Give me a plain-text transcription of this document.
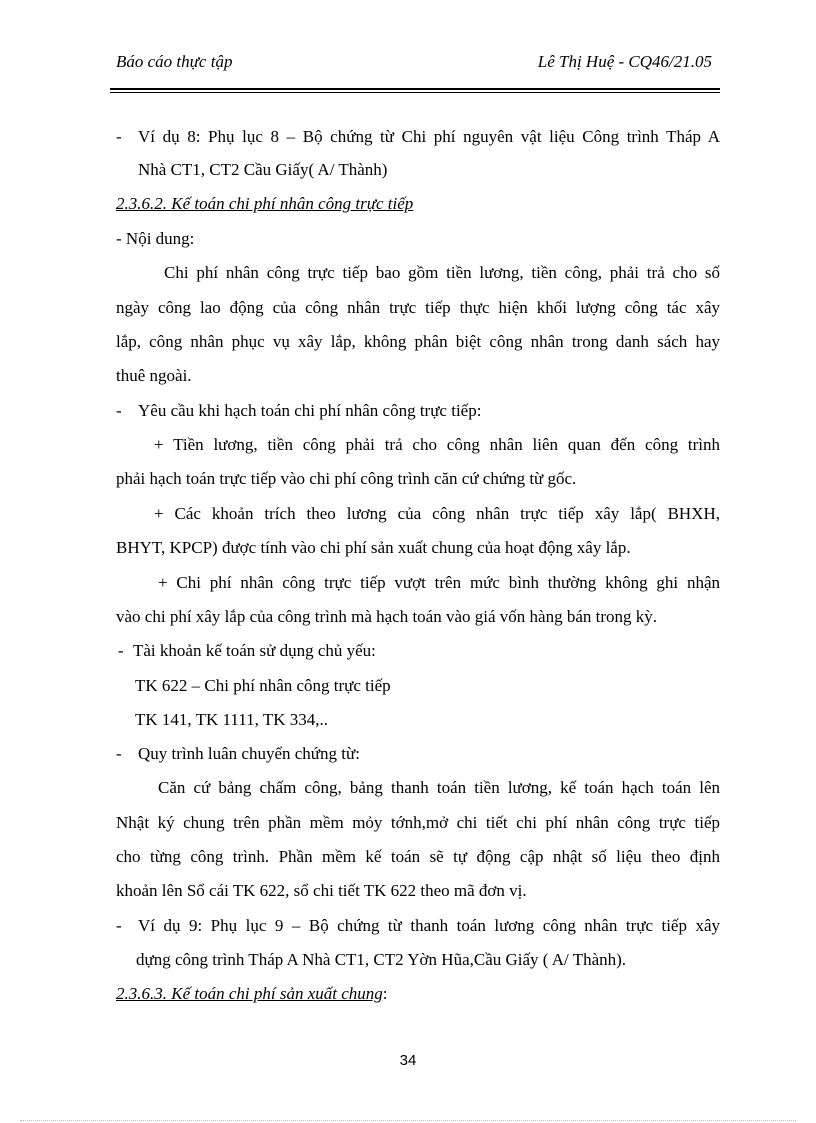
Báo cáo thực tập	Lê Thị Huệ - CQ46/21.05
- Ví dụ 8: Phụ lục 8 – Bộ chứng từ Chi phí nguyên vật liệu Công trình Tháp A
Nhà CT1, CT2 Cầu Giấy( A/ Thành)
2.3.6.2. Kế toán chi phí nhân công trực tiếp
- Nội dung:
Chi phí nhân công trực tiếp bao gồm tiền lương, tiền công, phải trả cho số
ngày công lao động của công nhân trực tiếp thực hiện khối lượng công tác xây
lắp, công nhân phục vụ xây lắp, không phân biệt công nhân trong danh sách hay
thuê ngoài.
- Yêu cầu khi hạch toán chi phí nhân công trực tiếp:
+ Tiền lương, tiền công phải trả cho công nhân liên quan đến công trình
phải hạch toán trực tiếp vào chi phí công trình căn cứ chứng từ gốc.
+ Các khoản trích theo lương của công nhân trực tiếp xây lắp( BHXH,
BHYT, KPCP) được tính vào chi phí sản xuất chung của hoạt động xây lắp.
+ Chi phí nhân công trực tiếp vượt trên mức bình thường không ghi nhận
vào chi phí xây lắp của công trình mà hạch toán vào giá vốn hàng bán trong kỳ.
- Tài khoản kế toán sử dụng chủ yếu:
TK 622 – Chi phí nhân công trực tiếp
TK 141, TK 1111, TK 334,..
- Quy trình luân chuyển chứng từ:
Căn cứ bảng chấm công, bảng thanh toán tiền lương, kế toán hạch toán lên
Nhật ký chung trên phần mềm mỏy tớnh,mở chi tiết chi phí nhân công trực tiếp
cho từng công trình. Phần mềm kế toán sẽ tự động cập nhật số liệu theo định
khoản lên Sổ cái TK 622, sổ chi tiết TK 622 theo mã đơn vị.
- Ví dụ 9: Phụ lục 9 – Bộ chứng từ thanh toán lương công nhân trực tiếp xây
dựng công trình Tháp A Nhà CT1, CT2 Yờn Hũa,Cầu Giấy ( A/ Thành).
2.3.6.3. Kế toán chi phí sản xuất chung:
34
